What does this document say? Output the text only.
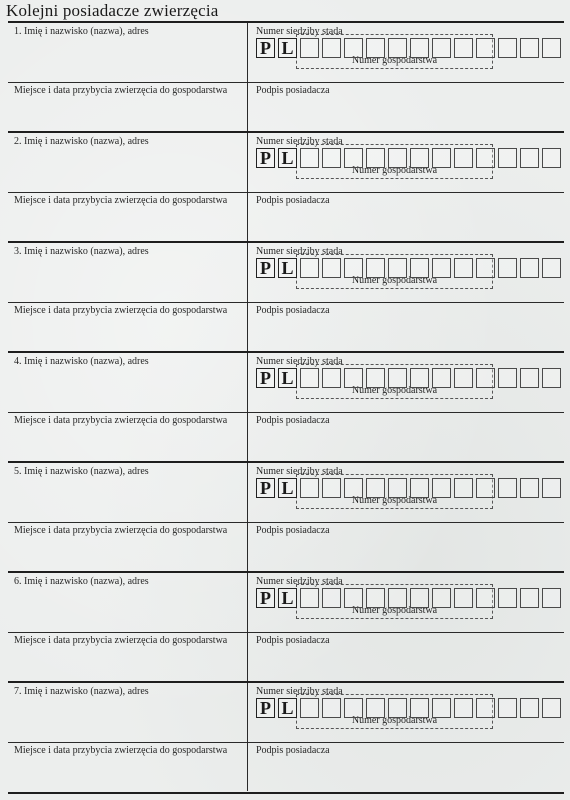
Kolejni posiadacze zwierzęcia
1. Imię i nazwisko (nazwa), adres
Miejsce i data przybycia zwierzęcia do gospodarstwa
Numer siedziby stada
Podpis posiadacza
Numer gospodarstwa
P L
2. Imię i nazwisko (nazwa), adres
Miejsce i data przybycia zwierzęcia do gospodarstwa
Numer siedziby stada
Podpis posiadacza
Numer gospodarstwa
P L
3. Imię i nazwisko (nazwa), adres
Miejsce i data przybycia zwierzęcia do gospodarstwa
Numer siedziby stada
Podpis posiadacza
Numer gospodarstwa
P L
4. Imię i nazwisko (nazwa), adres
Miejsce i data przybycia zwierzęcia do gospodarstwa
Numer siedziby stada
Podpis posiadacza
Numer gospodarstwa
P L
5. Imię i nazwisko (nazwa), adres
Miejsce i data przybycia zwierzęcia do gospodarstwa
Numer siedziby stada
Podpis posiadacza
Numer gospodarstwa
P L
6. Imię i nazwisko (nazwa), adres
Miejsce i data przybycia zwierzęcia do gospodarstwa
Numer siedziby stada
Podpis posiadacza
Numer gospodarstwa
P L
7. Imię i nazwisko (nazwa), adres
Miejsce i data przybycia zwierzęcia do gospodarstwa
Numer siedziby stada
Podpis posiadacza
Numer gospodarstwa
P L
